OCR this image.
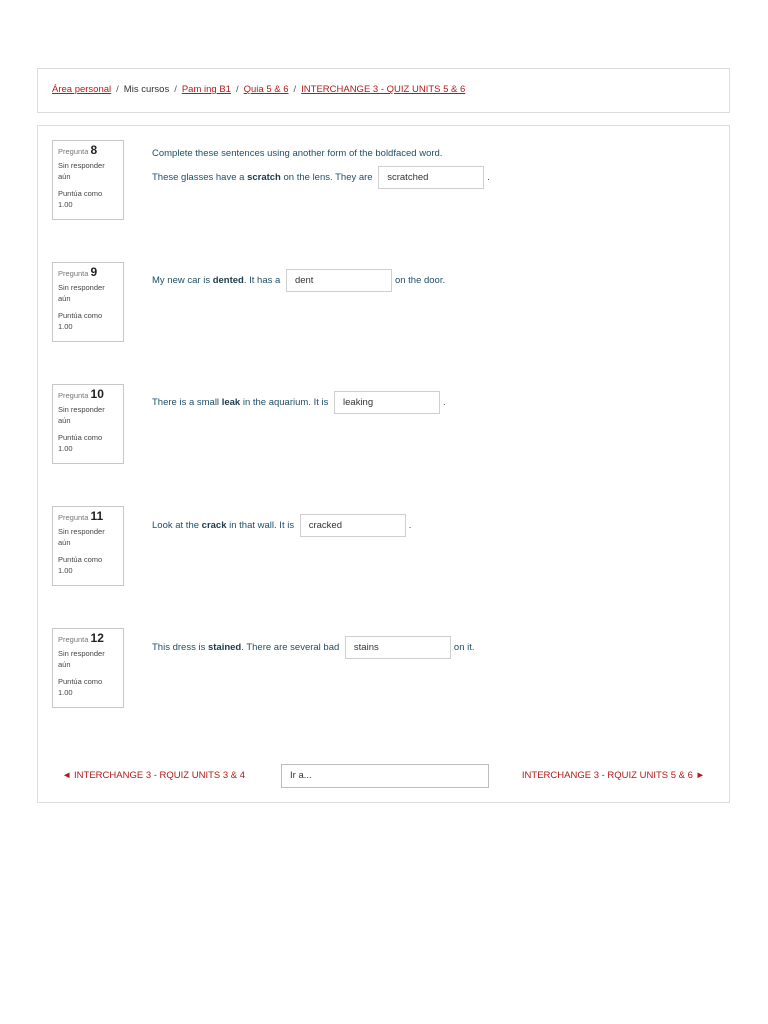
Área personal / Mis cursos / Pam ing B1 / Quia 5 & 6 / INTERCHANGE 3 - QUIZ UNITS 5 & 6
Pregunta 8
Sin responder aún
Puntúa como 1.00
Complete these sentences using another form of the boldfaced word.
These glasses have a scratch on the lens. They are	scratched	.
Pregunta 9
Sin responder aún
Puntúa como 1.00
My new car is dented . It has a	dent	on the door.
Pregunta 10
Sin responder aún
Puntúa como 1.00
There is a small leak in the aquarium. It is	leaking	.
Pregunta 11
Sin responder aún
Puntúa como 1.00
Look at the crack in that wall. It is	cracked	.
Pregunta 12
Sin responder aún
Puntúa como 1.00
This dress is stained . There are several bad	stains	on it.
◄ INTERCHANGE 3 - RQUIZ UNITS 3 & 4	Ir a...	INTERCHANGE 3 - RQUIZ UNITS 5 & 6 ►
